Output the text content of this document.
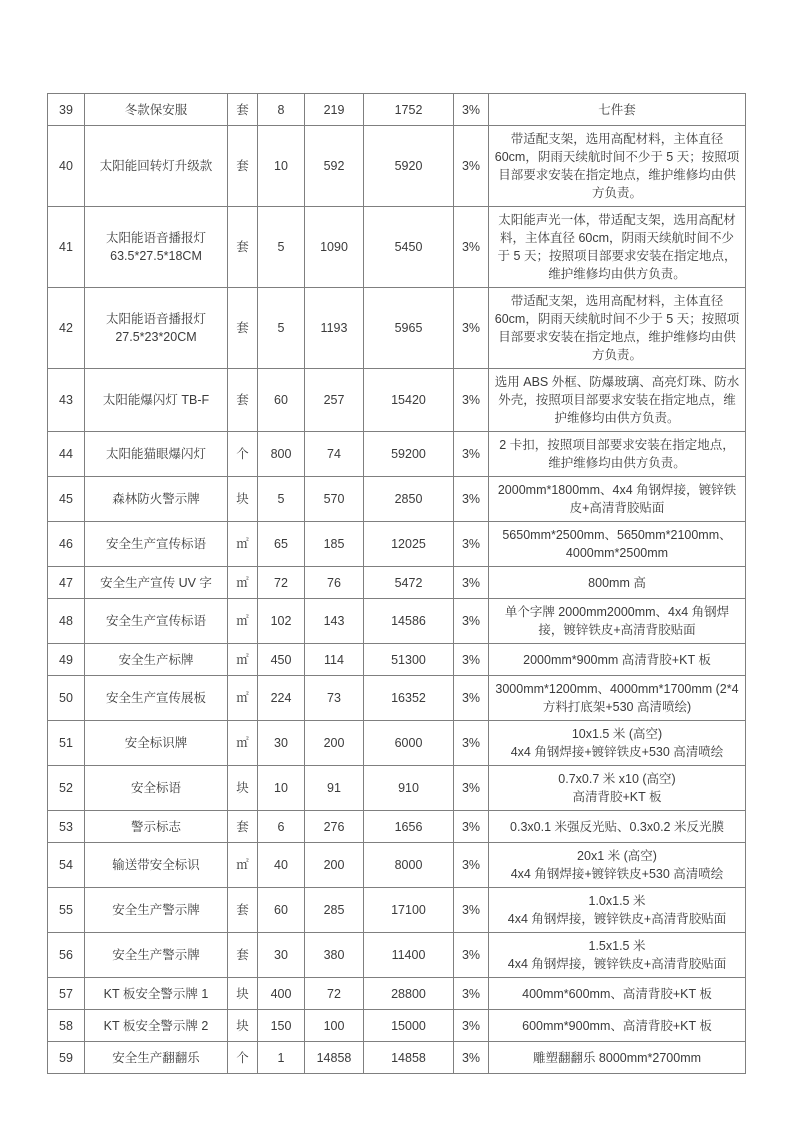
39	冬款保安服	套	8	219	1752	3%	七件套
40	太阳能回转灯升级款	套	10	592	5920	3%	带适配支架，选用高配材料，主体直径 60cm，阴雨天续航时间不少于 5 天；按照项目部要求安装在指定地点，维护维修均由供方负责。
41	太阳能语音播报灯 63.5*27.5*18CM	套	5	1090	5450	3%	太阳能声光一体，带适配支架，选用高配材料，主体直径 60cm，阴雨天续航时间不少于 5 天；按照项目部要求安装在指定地点，维护维修均由供方负责。
42	太阳能语音播报灯 27.5*23*20CM	套	5	1193	5965	3%	带适配支架，选用高配材料，主体直径 60cm，阴雨天续航时间不少于 5 天；按照项目部要求安装在指定地点，维护维修均由供方负责。
43	太阳能爆闪灯 TB-F	套	60	257	15420	3%	选用 ABS 外框、防爆玻璃、高亮灯珠、防水外壳，按照项目部要求安装在指定地点，维护维修均由供方负责。
44	太阳能猫眼爆闪灯	个	800	74	59200	3%	2 卡扣，按照项目部要求安装在指定地点，维护维修均由供方负责。
45	森林防火警示牌	块	5	570	2850	3%	2000mm*1800mm、4x4 角钢焊接，镀锌铁皮+高清背胶贴面
46	安全生产宣传标语	㎡	65	185	12025	3%	5650mm*2500mm、5650mm*2100mm、4000mm*2500mm
47	安全生产宣传 UV 字	㎡	72	76	5472	3%	800mm 高
48	安全生产宣传标语	㎡	102	143	14586	3%	单个字牌 2000mm2000mm、4x4 角钢焊接，镀锌铁皮+高清背胶贴面
49	安全生产标牌	㎡	450	114	51300	3%	2000mm*900mm 高清背胶+KT 板
50	安全生产宣传展板	㎡	224	73	16352	3%	3000mm*1200mm、4000mm*1700mm (2*4 方料打底架+530 高清喷绘)
51	安全标识牌	㎡	30	200	6000	3%	10x1.5 米 (高空)
4x4 角钢焊接+镀锌铁皮+530 高清喷绘
52	安全标语	块	10	91	910	3%	0.7x0.7 米 x10 (高空)
高清背胶+KT 板
53	警示标志	套	6	276	1656	3%	0.3x0.1 米强反光贴、0.3x0.2 米反光膜
54	输送带安全标识	㎡	40	200	8000	3%	20x1 米 (高空)
4x4 角钢焊接+镀锌铁皮+530 高清喷绘
55	安全生产警示牌	套	60	285	17100	3%	1.0x1.5 米
4x4 角钢焊接，镀锌铁皮+高清背胶贴面
56	安全生产警示牌	套	30	380	11400	3%	1.5x1.5 米
4x4 角钢焊接，镀锌铁皮+高清背胶贴面
57	KT 板安全警示牌 1	块	400	72	28800	3%	400mm*600mm、高清背胶+KT 板
58	KT 板安全警示牌 2	块	150	100	15000	3%	600mm*900mm、高清背胶+KT 板
59	安全生产翻翻乐	个	1	14858	14858	3%	雕塑翻翻乐 8000mm*2700mm
